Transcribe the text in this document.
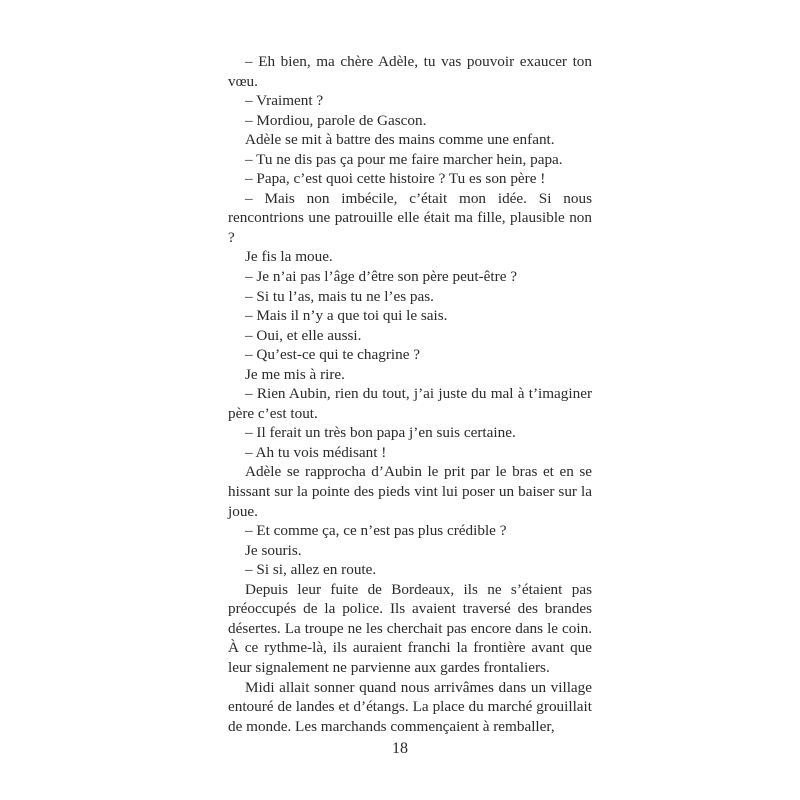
– Eh bien, ma chère Adèle, tu vas pouvoir exaucer ton vœu.

– Vraiment ?

– Mordiou, parole de Gascon.

Adèle se mit à battre des mains comme une enfant.

– Tu ne dis pas ça pour me faire marcher hein, papa.

– Papa, c’est quoi cette histoire ? Tu es son père !

– Mais non imbécile, c’était mon idée. Si nous rencontrions une patrouille elle était ma fille, plausible non ?

Je fis la moue.

– Je n’ai pas l’âge d’être son père peut-être ?

– Si tu l’as, mais tu ne l’es pas.

– Mais il n’y a que toi qui le sais.

– Oui, et elle aussi.

– Qu’est-ce qui te chagrine ?

Je me mis à rire.

– Rien Aubin, rien du tout, j’ai juste du mal à t’imaginer père c’est tout.

– Il ferait un très bon papa j’en suis certaine.

– Ah tu vois médisant !

Adèle se rapprocha d’Aubin le prit par le bras et en se hissant sur la pointe des pieds vint lui poser un baiser sur la joue.

– Et comme ça, ce n’est pas plus crédible ?

Je souris.

– Si si, allez en route.

Depuis leur fuite de Bordeaux, ils ne s’étaient pas préoccupés de la police. Ils avaient traversé des brandes désertes. La troupe ne les cherchait pas encore dans le coin. À ce rythme-là, ils auraient franchi la frontière avant que leur signalement ne parvienne aux gardes frontaliers.

Midi allait sonner quand nous arrivâmes dans un village entouré de landes et d’étangs. La place du marché grouillait de monde. Les marchands commençaient à remballer,

18
